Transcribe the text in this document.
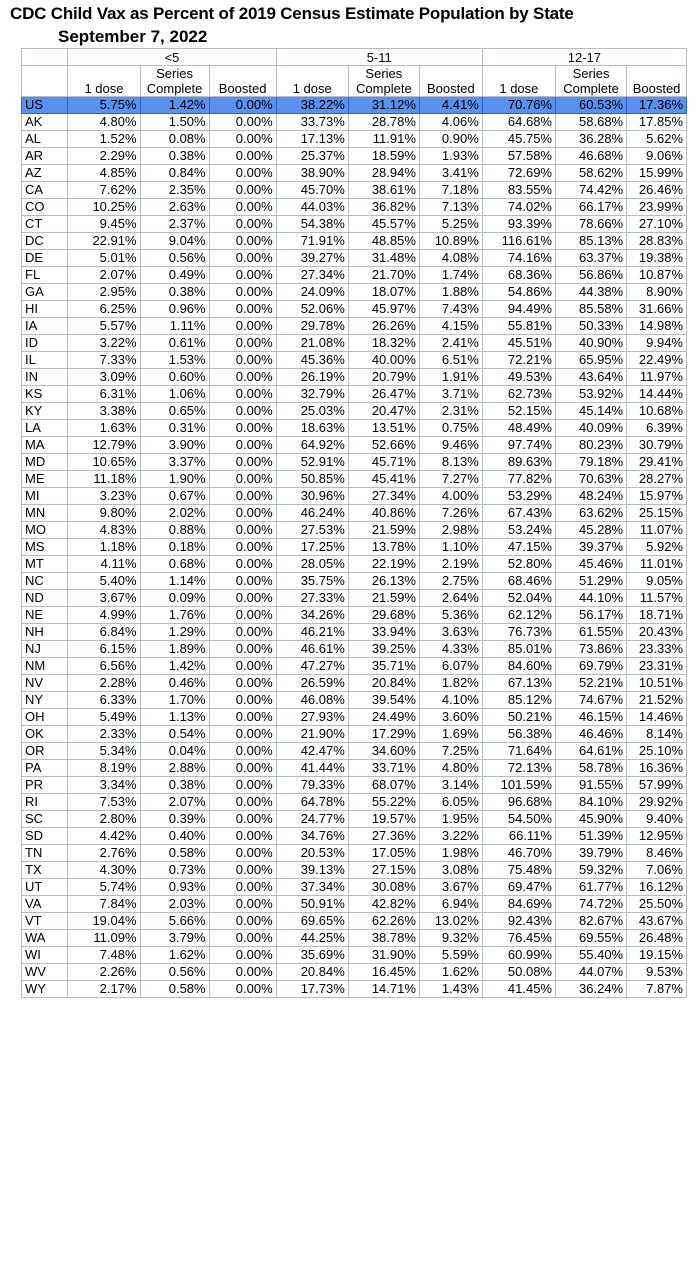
CDC Child Vax as Percent of 2019 Census Estimate Population by State
September 7, 2022
	<5			5-11			12-17		
	1 dose	Series Complete	Boosted	1 dose	Series Complete	Boosted	1 dose	Series Complete	Boosted
US	5.75%	1.42%	0.00%	38.22%	31.12%	4.41%	70.76%	60.53%	17.36%
AK	4.80%	1.50%	0.00%	33.73%	28.78%	4.06%	64.68%	58.68%	17.85%
AL	1.52%	0.08%	0.00%	17.13%	11.91%	0.90%	45.75%	36.28%	5.62%
AR	2.29%	0.38%	0.00%	25.37%	18.59%	1.93%	57.58%	46.68%	9.06%
AZ	4.85%	0.84%	0.00%	38.90%	28.94%	3.41%	72.69%	58.62%	15.99%
CA	7.62%	2.35%	0.00%	45.70%	38.61%	7.18%	83.55%	74.42%	26.46%
CO	10.25%	2.63%	0.00%	44.03%	36.82%	7.13%	74.02%	66.17%	23.99%
CT	9.45%	2.37%	0.00%	54.38%	45.57%	5.25%	93.39%	78.66%	27.10%
DC	22.91%	9.04%	0.00%	71.91%	48.85%	10.89%	116.61%	85.13%	28.83%
DE	5.01%	0.56%	0.00%	39.27%	31.48%	4.08%	74.16%	63.37%	19.38%
FL	2.07%	0.49%	0.00%	27.34%	21.70%	1.74%	68.36%	56.86%	10.87%
GA	2.95%	0.38%	0.00%	24.09%	18.07%	1.88%	54.86%	44.38%	8.90%
HI	6.25%	0.96%	0.00%	52.06%	45.97%	7.43%	94.49%	85.58%	31.66%
IA	5.57%	1.11%	0.00%	29.78%	26.26%	4.15%	55.81%	50.33%	14.98%
ID	3.22%	0.61%	0.00%	21.08%	18.32%	2.41%	45.51%	40.90%	9.94%
IL	7.33%	1.53%	0.00%	45.36%	40.00%	6.51%	72.21%	65.95%	22.49%
IN	3.09%	0.60%	0.00%	26.19%	20.79%	1.91%	49.53%	43.64%	11.97%
KS	6.31%	1.06%	0.00%	32.79%	26.47%	3.71%	62.73%	53.92%	14.44%
KY	3.38%	0.65%	0.00%	25.03%	20.47%	2.31%	52.15%	45.14%	10.68%
LA	1.63%	0.31%	0.00%	18.63%	13.51%	0.75%	48.49%	40.09%	6.39%
MA	12.79%	3.90%	0.00%	64.92%	52.66%	9.46%	97.74%	80.23%	30.79%
MD	10.65%	3.37%	0.00%	52.91%	45.71%	8.13%	89.63%	79.18%	29.41%
ME	11.18%	1.90%	0.00%	50.85%	45.41%	7.27%	77.82%	70.63%	28.27%
MI	3.23%	0.67%	0.00%	30.96%	27.34%	4.00%	53.29%	48.24%	15.97%
MN	9.80%	2.02%	0.00%	46.24%	40.86%	7.26%	67.43%	63.62%	25.15%
MO	4.83%	0.88%	0.00%	27.53%	21.59%	2.98%	53.24%	45.28%	11.07%
MS	1.18%	0.18%	0.00%	17.25%	13.78%	1.10%	47.15%	39.37%	5.92%
MT	4.11%	0.68%	0.00%	28.05%	22.19%	2.19%	52.80%	45.46%	11.01%
NC	5.40%	1.14%	0.00%	35.75%	26.13%	2.75%	68.46%	51.29%	9.05%
ND	3.67%	0.09%	0.00%	27.33%	21.59%	2.64%	52.04%	44.10%	11.57%
NE	4.99%	1.76%	0.00%	34.26%	29.68%	5.36%	62.12%	56.17%	18.71%
NH	6.84%	1.29%	0.00%	46.21%	33.94%	3.63%	76.73%	61.55%	20.43%
NJ	6.15%	1.89%	0.00%	46.61%	39.25%	4.33%	85.01%	73.86%	23.33%
NM	6.56%	1.42%	0.00%	47.27%	35.71%	6.07%	84.60%	69.79%	23.31%
NV	2.28%	0.46%	0.00%	26.59%	20.84%	1.82%	67.13%	52.21%	10.51%
NY	6.33%	1.70%	0.00%	46.08%	39.54%	4.10%	85.12%	74.67%	21.52%
OH	5.49%	1.13%	0.00%	27.93%	24.49%	3.60%	50.21%	46.15%	14.46%
OK	2.33%	0.54%	0.00%	21.90%	17.29%	1.69%	56.38%	46.46%	8.14%
OR	5.34%	0.04%	0.00%	42.47%	34.60%	7.25%	71.64%	64.61%	25.10%
PA	8.19%	2.88%	0.00%	41.44%	33.71%	4.80%	72.13%	58.78%	16.36%
PR	3.34%	0.38%	0.00%	79.33%	68.07%	3.14%	101.59%	91.55%	57.99%
RI	7.53%	2.07%	0.00%	64.78%	55.22%	6.05%	96.68%	84.10%	29.92%
SC	2.80%	0.39%	0.00%	24.77%	19.57%	1.95%	54.50%	45.90%	9.40%
SD	4.42%	0.40%	0.00%	34.76%	27.36%	3.22%	66.11%	51.39%	12.95%
TN	2.76%	0.58%	0.00%	20.53%	17.05%	1.98%	46.70%	39.79%	8.46%
TX	4.30%	0.73%	0.00%	39.13%	27.15%	3.08%	75.48%	59.32%	7.06%
UT	5.74%	0.93%	0.00%	37.34%	30.08%	3.67%	69.47%	61.77%	16.12%
VA	7.84%	2.03%	0.00%	50.91%	42.82%	6.94%	84.69%	74.72%	25.50%
VT	19.04%	5.66%	0.00%	69.65%	62.26%	13.02%	92.43%	82.67%	43.67%
WA	11.09%	3.79%	0.00%	44.25%	38.78%	9.32%	76.45%	69.55%	26.48%
WI	7.48%	1.62%	0.00%	35.69%	31.90%	5.59%	60.99%	55.40%	19.15%
WV	2.26%	0.56%	0.00%	20.84%	16.45%	1.62%	50.08%	44.07%	9.53%
WY	2.17%	0.58%	0.00%	17.73%	14.71%	1.43%	41.45%	36.24%	7.87%
